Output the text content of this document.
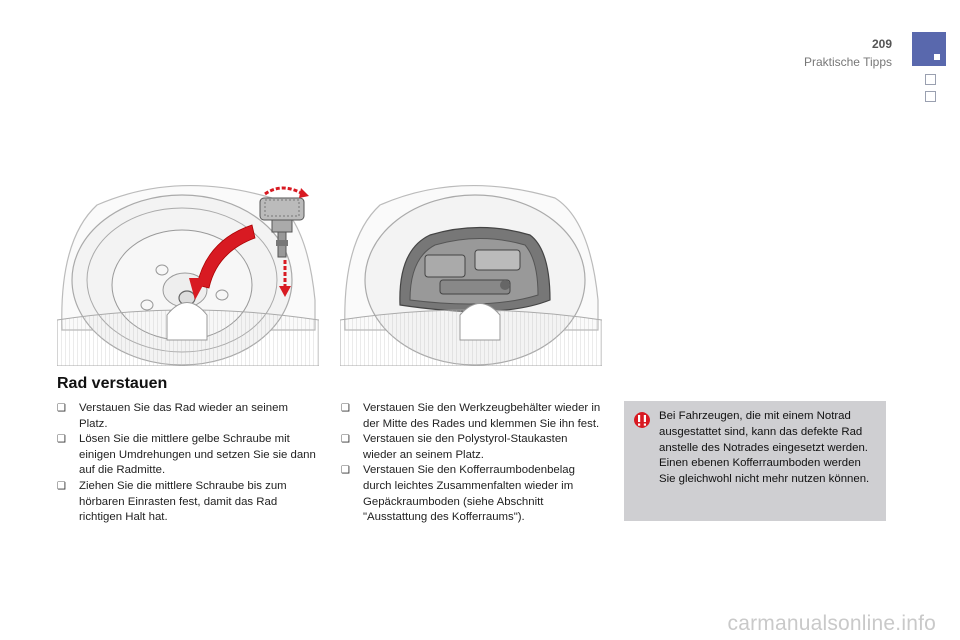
209
Praktische Tipps
Rad verstauen
❑ Verstauen Sie das Rad wieder an seinem Platz.
❑ Lösen Sie die mittlere gelbe Schraube mit einigen Umdrehungen und setzen Sie sie dann auf die Radmitte.
❑ Ziehen Sie die mittlere Schraube bis zum hörbaren Einrasten fest, damit das Rad richtigen Halt hat.
❑ Verstauen Sie den Werkzeugbehälter wieder in der Mitte des Rades und klemmen Sie ihn fest.
❑ Verstauen sie den Polystyrol-Staukasten wieder an seinem Platz.
❑ Verstauen Sie den Kofferraumbodenbelag durch leichtes Zusammenfalten wieder im Gepäckraumboden (siehe Abschnitt "Ausstattung des Kofferraums").
Bei Fahrzeugen, die mit einem Notrad ausgestattet sind, kann das defekte Rad anstelle des Notrades eingesetzt werden. Einen ebenen Kofferraumboden werden Sie gleichwohl nicht mehr nutzen können.
carmanualsonline.info
